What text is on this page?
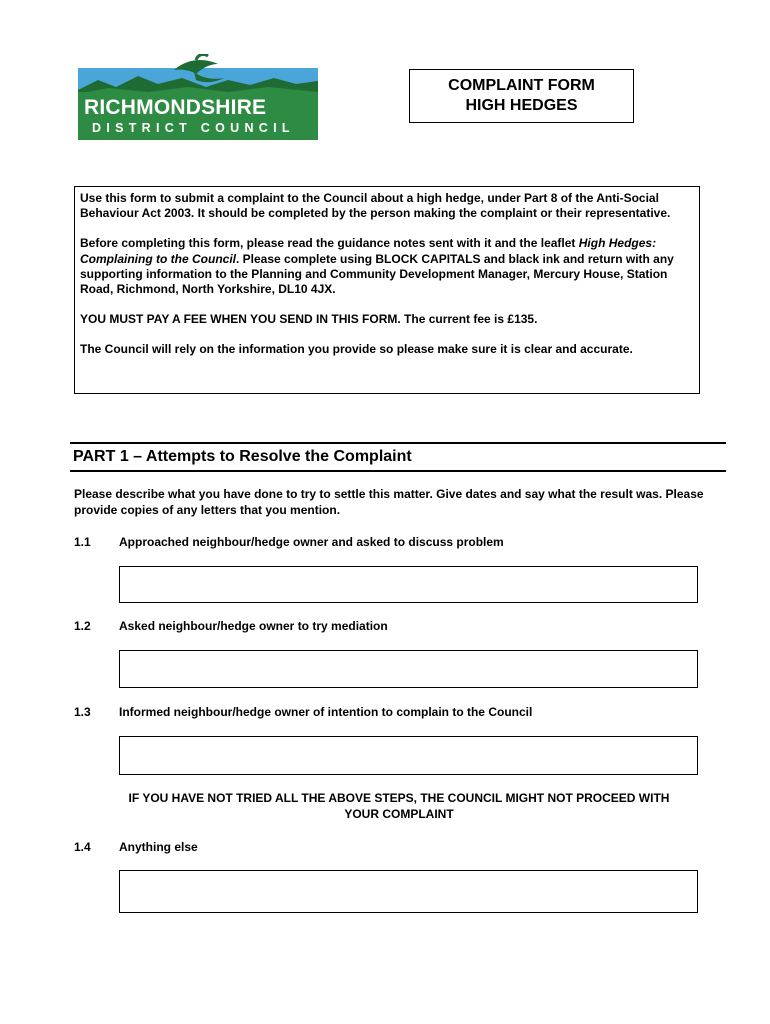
RICHMONDSHIRE
DISTRICT COUNCIL
COMPLAINT FORM
HIGH HEDGES

Use this form to submit a complaint to the Council about a high hedge, under Part 8 of the Anti-Social Behaviour Act 2003. It should be completed by the person making the complaint or their representative.

Before completing this form, please read the guidance notes sent with it and the leaflet High Hedges: Complaining to the Council. Please complete using BLOCK CAPITALS and black ink and return with any supporting information to the Planning and Community Development Manager, Mercury House, Station Road, Richmond, North Yorkshire, DL10 4JX.

YOU MUST PAY A FEE WHEN YOU SEND IN THIS FORM. The current fee is £135.

The Council will rely on the information you provide so please make sure it is clear and accurate.

PART 1 – Attempts to Resolve the Complaint
Please describe what you have done to try to settle this matter. Give dates and say what the result was. Please provide copies of any letters that you mention.
1.1 Approached neighbour/hedge owner and asked to discuss problem
1.2 Asked neighbour/hedge owner to try mediation
1.3 Informed neighbour/hedge owner of intention to complain to the Council
IF YOU HAVE NOT TRIED ALL THE ABOVE STEPS, THE COUNCIL MIGHT NOT PROCEED WITH
YOUR COMPLAINT
1.4 Anything else
